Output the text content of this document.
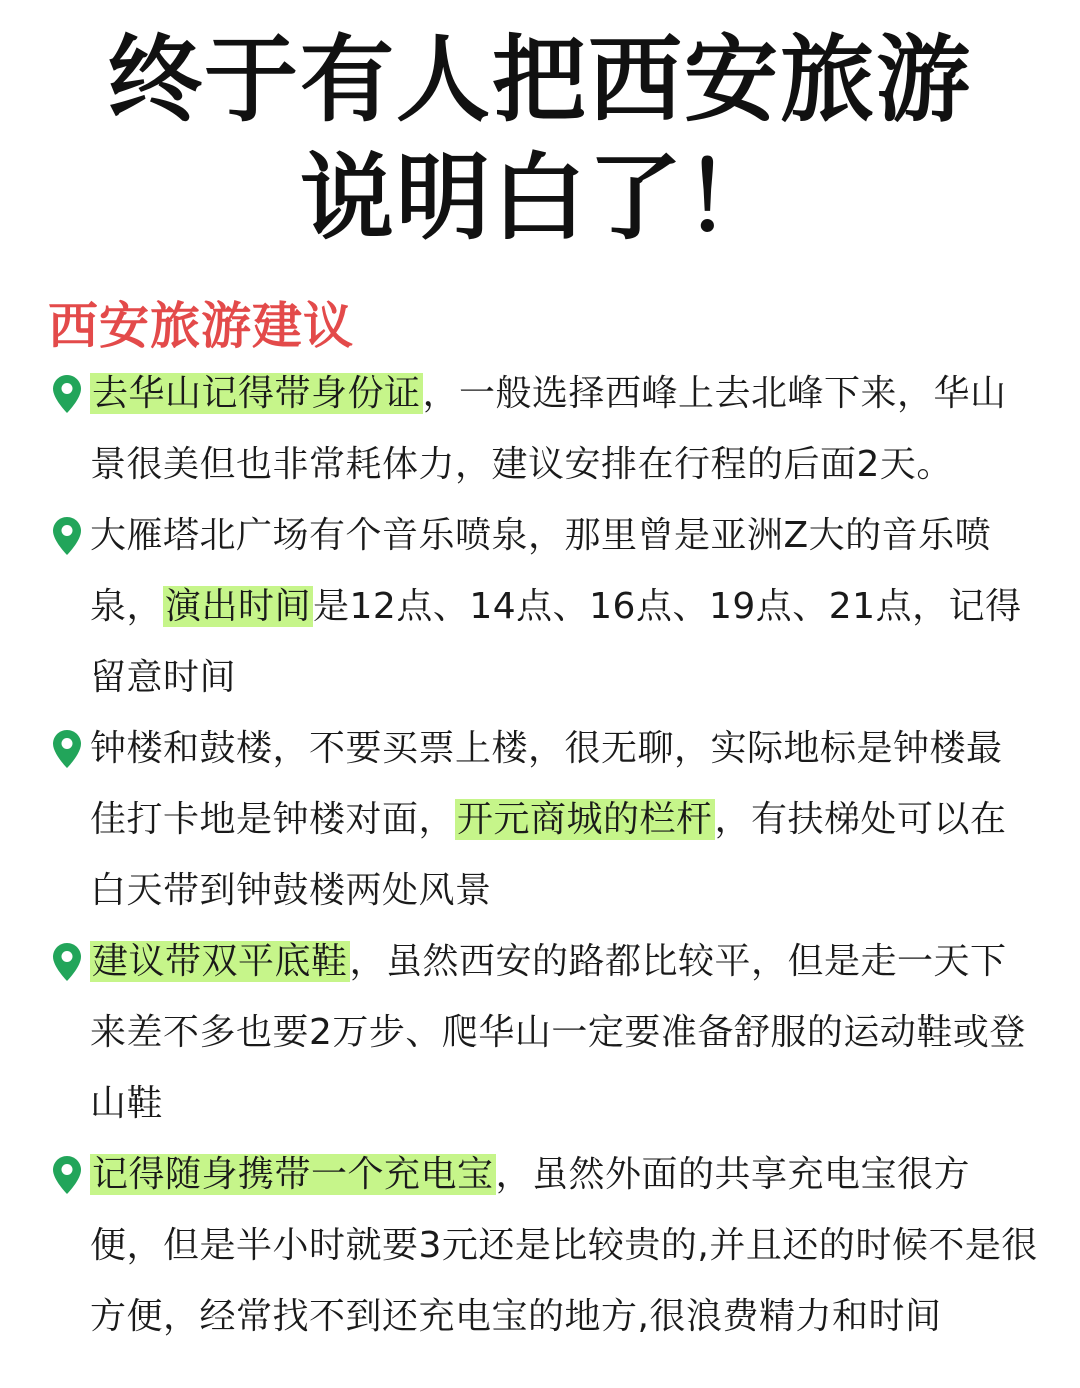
终于有人把西安旅游
说明白了！
西安旅游建议
去华山记得带身份证，一般选择西峰上去北峰下来，华山景很美但也非常耗体力，建议安排在行程的后面2天。
大雁塔北广场有个音乐喷泉，那里曾是亚洲Z大的音乐喷泉，演出时间是12点、14点、16点、19点、21点，记得留意时间
钟楼和鼓楼，不要买票上楼，很无聊，实际地标是钟楼最佳打卡地是钟楼对面，开元商城的栏杆，有扶梯处可以在白天带到钟鼓楼两处风景
建议带双平底鞋，虽然西安的路都比较平，但是走一天下来差不多也要2万步、爬华山一定要准备舒服的运动鞋或登山鞋
记得随身携带一个充电宝，虽然外面的共享充电宝很方便，但是半小时就要3元还是比较贵的,并且还的时候不是很方便，经常找不到还充电宝的地方,很浪费精力和时间
